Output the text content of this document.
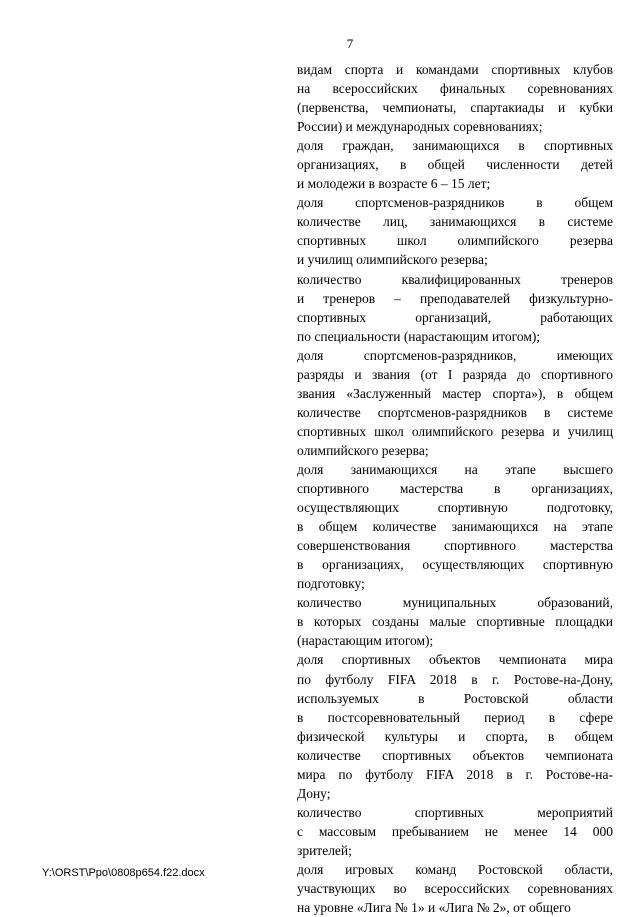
7
видам спорта и командами спортивных клубов
на всероссийских финальных соревнованиях
(первенства, чемпионаты, спартакиады и кубки
России) и международных соревнованиях;
доля граждан, занимающихся в спортивных
организациях, в общей численности детей
и молодежи в возрасте 6 – 15 лет;
доля спортсменов-разрядников в общем
количестве лиц, занимающихся в системе
спортивных школ олимпийского резерва
и училищ олимпийского резерва;
количество квалифицированных тренеров
и тренеров – преподавателей физкультурно-
спортивных организаций, работающих
по специальности (нарастающим итогом);
доля спортсменов-разрядников, имеющих
разряды и звания (от I разряда до спортивного
звания «Заслуженный мастер спорта»), в общем
количестве спортсменов-разрядников в системе
спортивных школ олимпийского резерва и училищ
олимпийского резерва;
доля занимающихся на этапе высшего
спортивного мастерства в организациях,
осуществляющих спортивную подготовку,
в общем количестве занимающихся на этапе
совершенствования спортивного мастерства
в организациях, осуществляющих спортивную
подготовку;
количество муниципальных образований,
в которых созданы малые спортивные площадки
(нарастающим итогом);
доля спортивных объектов чемпионата мира
по футболу FIFA 2018 в г. Ростове-на-Дону,
используемых в Ростовской области
в постсоревновательный период в сфере
физической культуры и спорта, в общем
количестве спортивных объектов чемпионата
мира по футболу FIFA 2018 в г. Ростове-на-
Дону;
количество спортивных мероприятий
с массовым пребыванием не менее 14 000
зрителей;
доля игровых команд Ростовской области,
участвующих во всероссийских соревнованиях
на уровне «Лига № 1» и «Лига № 2», от общего
Y:\ORST\Ppo\0808p654.f22.docx
